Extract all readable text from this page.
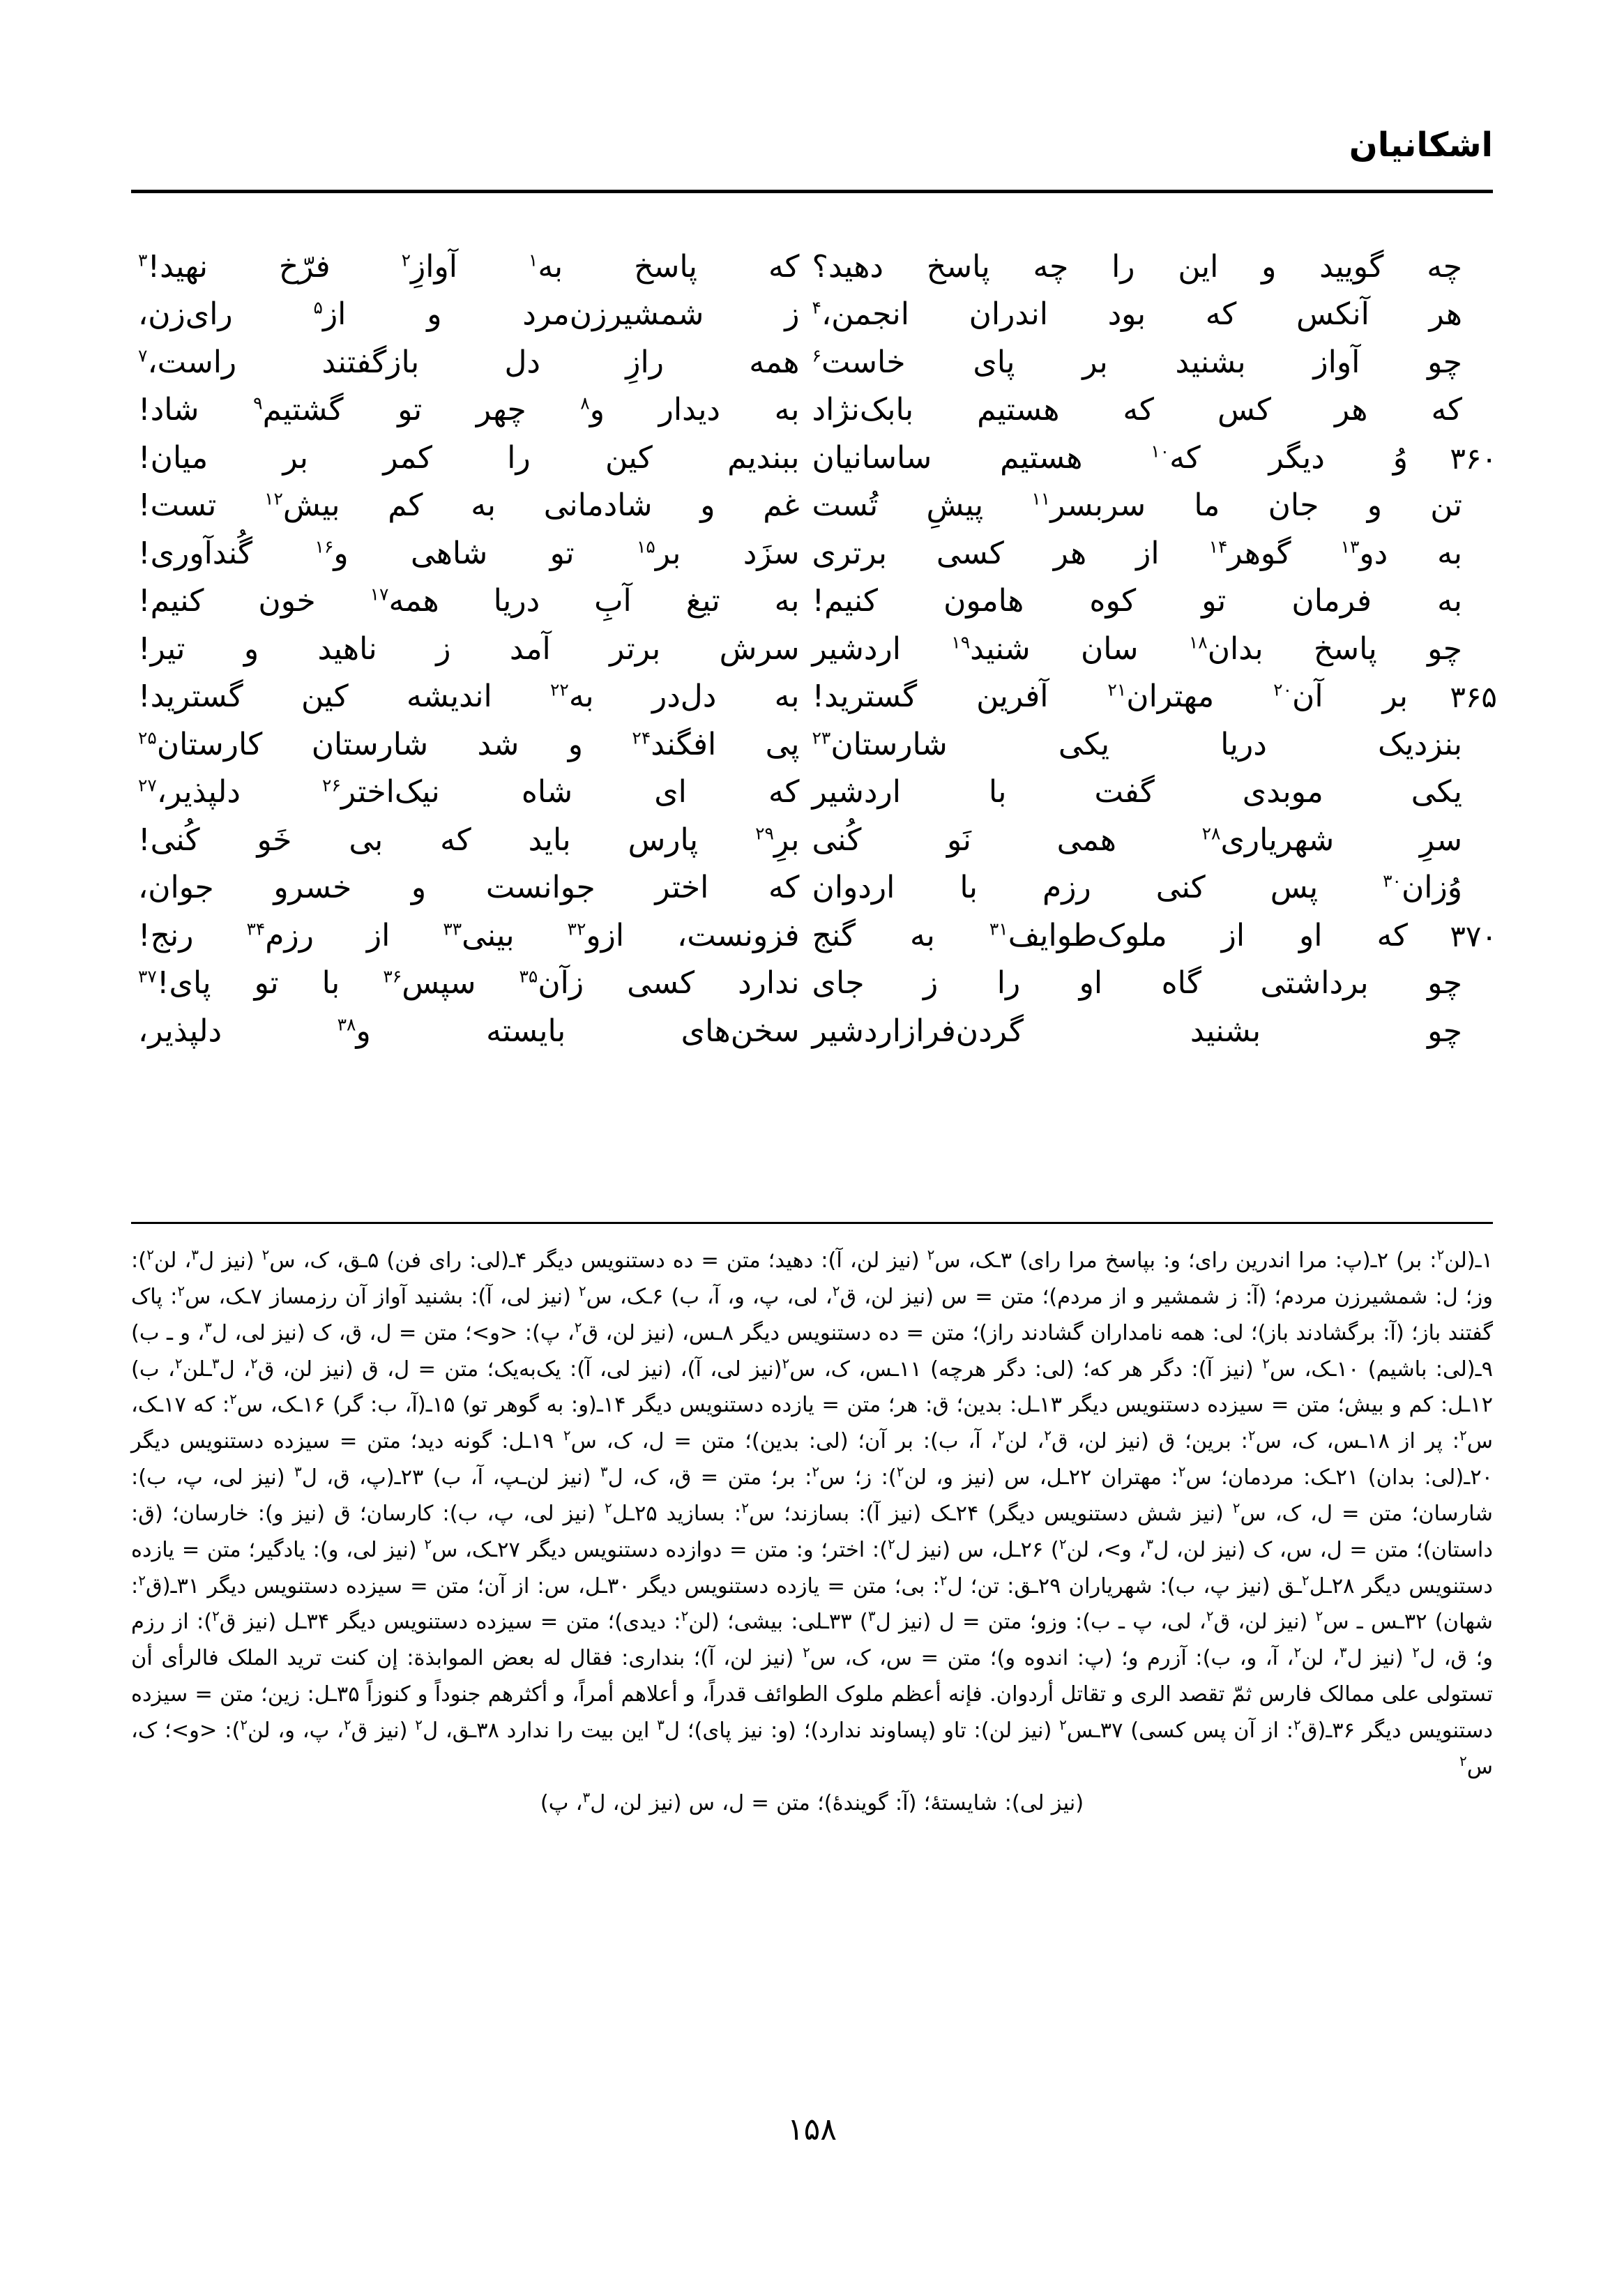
اشکانیان
چه گوييد و اين را چه پاسخ دهيد؟
كه پاسخ به$^۱$ آوازِ$^۲$ فرّخ نهيد!$^۳$
هر آنكس كه بود اندران انجمن،$^۴$
ز شمشيرزن‌مرد و از$^۵$ رای‌زن،
چو آواز بشنيد بر پای خاست$^۶$
همه رازِ دل بازگفتند راست،$^۷$
كه هر كس كه هستيم بابک‌نژاد
به ديدار و$^۸$ چهر تو گشتيم$^۹$ شاد!
۳۶۰
وُ ديگر كه$^{۱۰}$ هستيم ساسانيان
ببنديم كين را كمر بر ميان!
تن و جان ما سربسر$^{۱۱}$ پيشِ تُست
غم و شادمانی به كم بيش$^{۱۲}$ تست!
به دو$^{۱۳}$ گوهر$^{۱۴}$ از هر كسی برتری
سزَد بر$^{۱۵}$ تو شاهی و$^{۱۶}$ گُندآوری!
به فرمان تو كوه هامون كنيم!
به تيغ آبِ دريا همه$^{۱۷}$ خون كنيم!
چو پاسخ بدان$^{۱۸}$ سان شنيد$^{۱۹}$ اردشير
سرش برتر آمد ز ناهيد و تير!
۳۶۵
بر آن$^{۲۰}$ مهتران$^{۲۱}$ آفرين گستريد!
به دل‌در به$^{۲۲}$ انديشه كين گستريد!
بنزديک دريا يكی شارستان$^{۲۳}$
پی افگند$^{۲۴}$ و شد شارستان كارستان$^{۲۵}$
يكی موبدی گفت با اردشير
كه ای شاه نيک‌اختر$^{۲۶}$ دلپذير،$^{۲۷}$
سرِ شهرياری$^{۲۸}$ همی نَو كُنی
برِ$^{۲۹}$ پارس بايد كه بی خَو كُنی!
وُزان$^{۳۰}$ پس كنی رزم با اردوان
كه اختر جوانست و خسرو جوان،
۳۷۰
كه او از ملوک‌طوايف$^{۳۱}$ به گنج
فزونست، ازو$^{۳۲}$ بينی$^{۳۳}$ از رزم$^{۳۴}$ رنج!
چو برداشتی گاه او را ز جای
ندارد كسی زآن$^{۳۵}$ سپس$^{۳۶}$ با تو پای!$^{۳۷}$
چو بشنيد گردن‌فرازاردشير
سخن‌های بايسته و$^{۳۸}$ دلپذير،
۱ـ(لن$^۲$: بر) ۲ـ(پ: مرا اندرين رای؛ و: بپاسخ مرا رای) ۳ـک، س$^۲$ (نيز لن، آ): دهيد؛ متن = ده دستنويس ديگر ۴ـ(لی: رای فن) ۵ـق، ک، س$^۲$ (نيز ل$^۳$، لن$^۲$): وز؛ ل: شمشيرزن مردم؛ (آ: ز شمشير و از مردم)؛ متن = س (نيز لن، ق$^۲$، لی، پ، و، آ، ب) ۶ـک، س$^۲$ (نيز لی، آ): بشنيد آواز آن رزمساز ۷ـک، س$^۲$: پاک گفتند باز؛ (آ: برگشادند باز)؛ لی: همه نامداران گشادند راز)؛ متن = ده دستنويس ديگر ۸ـس، (نيز لن، ق$^۲$، پ): <و>؛ متن = ل، ق، ک (نيز لی، ل$^۳$، و ـ ب) ۹ـ(لی: باشيم) ۱۰ـک، س$^۲$ (نيز آ): دگر هر که؛ (لی: دگر هرچه) ۱۱ـس، ک، س$^۲$(نيز لی، آ)، (نيز لی، آ): يک‌به‌يک؛ متن = ل، ق (نيز لن، ق$^۲$، ل$^۳$ـلن$^۲$، ب) ۱۲ـل: کم و بيش؛ متن = سيزده دستنويس ديگر ۱۳ـل: بدين؛ ق: هر؛ متن = يازده دستنويس ديگر ۱۴ـ(و: به گوهر تو) ۱۵ـ(آ، ب: گر) ۱۶ـک، س$^۲$: که ۱۷ـک، س$^۲$: پر از ۱۸ـس، ک، س$^۲$: برين؛ ق (نيز لن، ق$^۲$، لن$^۲$، آ، ب): بر آن؛ (لی: بدين)؛ متن = ل، ک، س$^۲$ ۱۹ـل: گونه ديد؛ متن = سيزده دستنويس ديگر ۲۰ـ(لی: بدان) ۲۱ـک: مردمان؛ س$^۲$: مهتران ۲۲ـل، س (نيز و، لن$^۲$): ز؛ س$^۲$: بر؛ متن = ق، ک، ل$^۳$ (نيز لن‌ـپ، آ، ب) ۲۳ـ(پ، ق، ل$^۳$ (نيز لی، پ، ب): شارسان؛ متن = ل، ک، س$^۲$ (نيز شش دستنويس ديگر) ۲۴ـک (نيز آ): بسازند؛ س$^۲$: بسازيد ۲۵ـل$^۲$ (نيز لی، پ، ب): کارسان؛ ق (نيز و): خارسان؛ (ق: داستان)؛ متن = ل، س، ک (نيز لن، ل$^۳$، و>، لن$^۲$) ۲۶ـل، س (نيز ل$^۲$): اختر؛ و: متن = دوازده دستنويس ديگر ۲۷ـک، س$^۲$ (نيز لی، و): يادگير؛ متن = يازده دستنويس ديگر ۲۸ـل$^۲$ـق (نيز پ، ب): شهرياران ۲۹ـق: تن؛ ل$^۲$: بی؛ متن = يازده دستنويس ديگر ۳۰ـل، س: از آن؛ متن = سيزده دستنويس ديگر ۳۱ـ(ق$^۲$: شهان) ۳۲ـس ـ س$^۲$ (نيز لن، ق$^۲$، لی، پ ـ ب): وزو؛ متن = ل (نيز ل$^۳$) ۳۳ـلی: بيشی؛ (لن$^۲$: ديدی)؛ متن = سيزده دستنويس ديگر ۳۴ـل (نيز ق$^۲$): از رزم و؛ ق، ل$^۲$ (نيز ل$^۳$، لن$^۲$، آ، و، ب): آزرم و؛ (پ: اندوه و)؛ متن = س، ک، س$^۲$ (نيز لن، آ)؛ بنداری: فقال له بعض الموابذة: إن كنت تريد الملک فالرأی أن تستولی علی ممالک فارس ثمّ تقصد الری و تقاتل أردوان. فإنه أعظم ملوک الطوائف قدراً، و أعلاهم أمراً، و أكثرهم جنوداً و كنوزاً ۳۵ـل: زين؛ متن = سيزده دستنويس ديگر ۳۶ـ(ق$^۲$: از آن پس کسی) ۳۷ـس$^۲$ (نيز لن): تاو (پساوند ندارد)؛ (و: نيز پای)؛ ل$^۳$ اين بيت را ندارد ۳۸ـق، ل$^۲$ (نيز ق$^۲$، پ، و، لن$^۲$): <و>؛ ک، س$^۲$
(نيز لی): شايستهٔ؛ (آ: گويندهٔ)؛ متن = ل، س (نيز لن، ل$^۳$، پ)
۱۵۸
